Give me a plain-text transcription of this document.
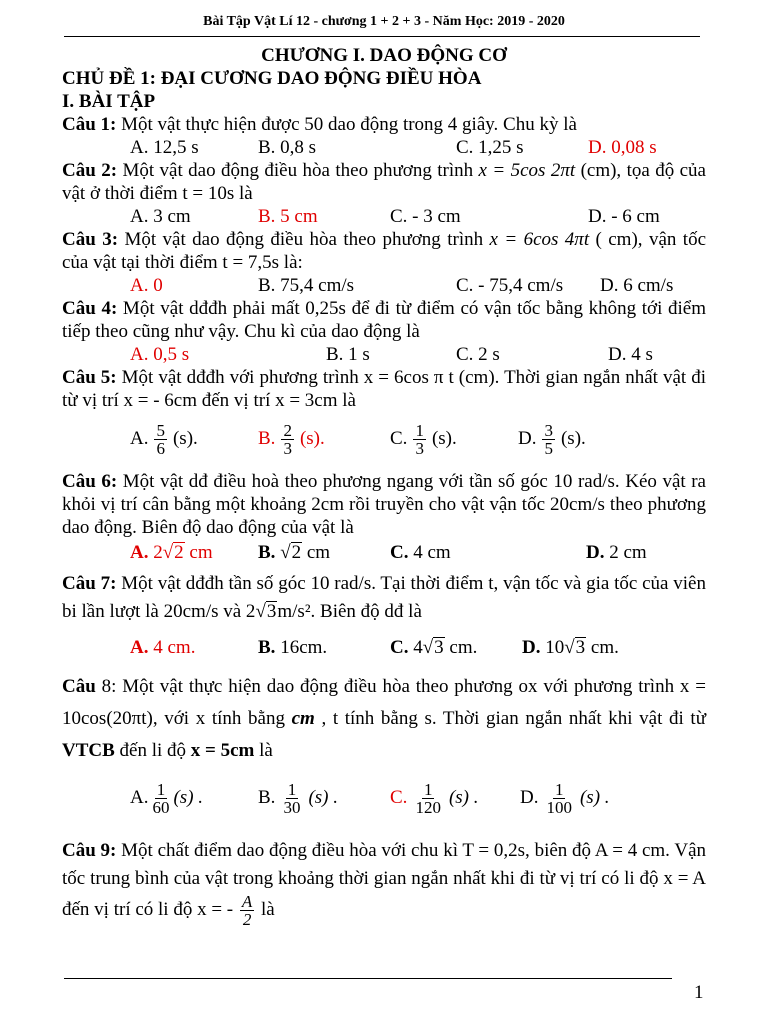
Bài Tập Vật Lí 12 - chương 1 + 2 + 3 - Năm Học: 2019 - 2020
CHƯƠNG I. DAO ĐỘNG CƠ
CHỦ ĐỀ 1: ĐẠI CƯƠNG DAO ĐỘNG ĐIỀU HÒA
I. BÀI TẬP
Câu 1: Một vật thực hiện được 50 dao động trong 4 giây. Chu kỳ là
A. 12,5 s	B. 0,8 s	C. 1,25 s	D. 0,08 s
Câu 2: Một vật dao động điều hòa theo phương trình x = 5cos 2πt (cm), tọa độ của vật ở thời điểm t = 10s là
A. 3 cm	B. 5 cm	C. - 3 cm	D. - 6 cm
Câu 3: Một vật dao động điều hòa theo phương trình x = 6cos 4πt ( cm), vận tốc của vật tại thời điểm t = 7,5s là:
A. 0	B. 75,4 cm/s	C. - 75,4 cm/s	D. 6 cm/s
Câu 4: Một vật dđđh phải mất 0,25s để đi từ điểm có vận tốc bằng không tới điểm tiếp theo cũng như vậy. Chu kì của dao động là
A. 0,5 s	B. 1 s	C. 2 s	D. 4 s
Câu 5: Một vật dđđh với phương trình x = 6cos π t (cm). Thời gian ngắn nhất vật đi từ vị trí x = - 6cm đến vị trí x = 3cm là
A. $\frac{5}{6} (s)$.	B. $\frac{2}{3} (s)$.	C. $\frac{1}{3} (s)$.	D. $\frac{3}{5} (s)$.
Câu 6: Một vật dđ điều hoà theo phương ngang với tần số góc 10 rad/s. Kéo vật ra khỏi vị trí cân bằng một khoảng 2cm rồi truyền cho vật vận tốc 20cm/s theo phương dao động. Biên độ dao động của vật là
A. 2√2 cm	B. √2 cm	C. 4 cm	D. 2 cm
Câu 7: Một vật dđđh tần số góc 10 rad/s. Tại thời điểm t, vận tốc và gia tốc của viên bi lần lượt là 20cm/s và 2√3m/s². Biên độ dđ là
A. 4 cm.	B. 16cm.	C. 4√3 cm.	D. 10√3 cm.
Câu 8: Một vật thực hiện dao động điều hòa theo phương ox với phương trình x = 10cos(20πt), với x tính bằng cm , t tính bằng s. Thời gian ngắn nhất khi vật đi từ VTCB đến li độ x = 5cm là
A. $\frac{1}{60} (s)$ .	B. $\frac{1}{30} (s)$ .	C. $\frac{1}{120} (s)$ .	D. $\frac{1}{100} (s)$ .
Câu 9: Một chất điểm dao động điều hòa với chu kì T = 0,2s, biên độ A = 4 cm. Vận tốc trung bình của vật trong khoảng thời gian ngắn nhất khi đi từ vị trí có li độ x = A đến vị trí có li độ x = - $\frac{A}{2}$ là
1
